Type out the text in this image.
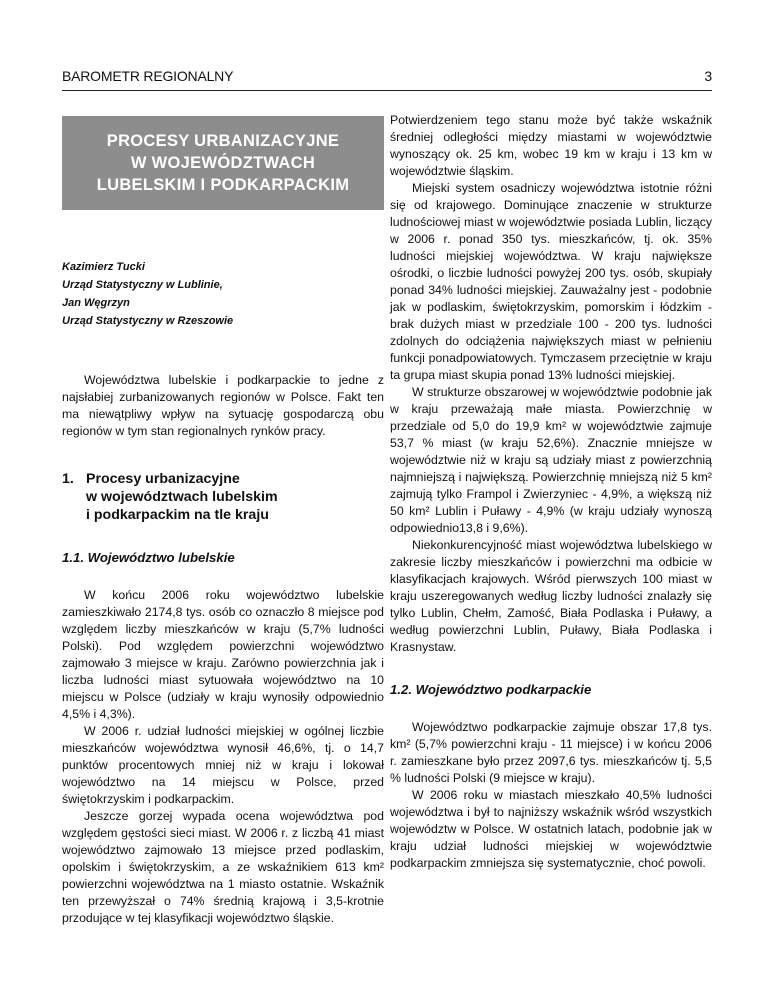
BAROMETR REGIONALNY	3
PROCESY URBANIZACYJNE
W WOJEWÓDZTWACH
LUBELSKIM I PODKARPACKIM
Kazimierz Tucki
Urząd Statystyczny w Lublinie,
Jan Węgrzyn
Urząd Statystyczny w Rzeszowie

Województwa lubelskie i podkarpackie to jedne z najsłabiej zurbanizowanych regionów w Polsce. Fakt ten ma niewątpliwy wpływ na sytuację gospodarczą obu regionów w tym stan regionalnych rynków pracy.

1. Procesy urbanizacyjne
w województwach lubelskim
i podkarpackim na tle kraju
1.1. Województwo lubelskie

W końcu 2006 roku województwo lubelskie zamieszkiwało 2174,8 tys. osób co oznaczło 8 miejsce pod względem liczby mieszkańców w kraju (5,7% ludności Polski). Pod względem powierzchni województwo zajmowało 3 miejsce w kraju. Zarówno powierzchnia jak i liczba ludności miast sytuowała województwo na 10 miejscu w Polsce (udziały w kraju wynosiły odpowiednio 4,5% i 4,3%).

W 2006 r. udział ludności miejskiej w ogólnej liczbie mieszkańców województwa wynosił 46,6%, tj. o 14,7 punktów procentowych mniej niż w kraju i lokował województwo na 14 miejscu w Polsce, przed świętokrzyskim i podkarpackim.

Jeszcze gorzej wypada ocena województwa pod względem gęstości sieci miast. W 2006 r. z liczbą 41 miast województwo zajmowało 13 miejsce przed podlaskim, opolskim i świętokrzyskim, a ze wskaźnikiem 613 km² powierzchni województwa na 1 miasto ostatnie. Wskaźnik ten przewyższał o 74% średnią krajową i 3,5-krotnie przodujące w tej klasyfikacji województwo śląskie.

Potwierdzeniem tego stanu może być także wskaźnik średniej odległości między miastami w województwie wynoszący ok. 25 km, wobec 19 km w kraju i 13 km w województwie śląskim.

Miejski system osadniczy województwa istotnie różni się od krajowego. Dominujące znaczenie w strukturze ludnościowej miast w województwie posiada Lublin, liczący w 2006 r. ponad 350 tys. mieszkańców, tj. ok. 35% ludności miejskiej województwa. W kraju największe ośrodki, o liczbie ludności powyżej 200 tys. osób, skupiały ponad 34% ludności miejskiej. Zauważalny jest - podobnie jak w podlaskim, świętokrzyskim, pomorskim i łódzkim - brak dużych miast w przedziale 100 - 200 tys. ludności zdolnych do odciążenia największych miast w pełnieniu funkcji ponadpowiatowych. Tymczasem przeciętnie w kraju ta grupa miast skupia ponad 13% ludności miejskiej.

W strukturze obszarowej w województwie podobnie jak w kraju przeważają małe miasta. Powierzchnię w przedziale od 5,0 do 19,9 km² w województwie zajmuje 53,7 % miast (w kraju 52,6%). Znacznie mniejsze w województwie niż w kraju są udziały miast z powierzchnią najmniejszą i największą. Powierzchnię mniejszą niż 5 km² zajmują tylko Frampol i Zwierzyniec - 4,9%, a większą niż 50 km² Lublin i Puławy - 4,9% (w kraju udziały wynoszą odpowiednio13,8 i 9,6%).

Niekonkurencyjność miast województwa lubelskiego w zakresie liczby mieszkańców i powierzchni ma odbicie w klasyfikacjach krajowych. Wśród pierwszych 100 miast w kraju uszeregowanych według liczby ludności znalazły się tylko Lublin, Chełm, Zamość, Biała Podlaska i Puławy, a według powierzchni Lublin, Puławy, Biała Podlaska i Krasnystaw.

1.2. Województwo podkarpackie

Województwo podkarpackie zajmuje obszar 17,8 tys. km² (5,7% powierzchni kraju - 11 miejsce) i w końcu 2006 r. zamieszkane było przez 2097,6 tys. mieszkańców tj. 5,5 % ludności Polski (9 miejsce w kraju).

W 2006 roku w miastach mieszkało 40,5% ludności województwa i był to najniższy wskaźnik wśród wszystkich województw w Polsce. W ostatnich latach, podobnie jak w kraju udział ludności miejskiej w województwie podkarpackim zmniejsza się systematycznie, choć powoli.
